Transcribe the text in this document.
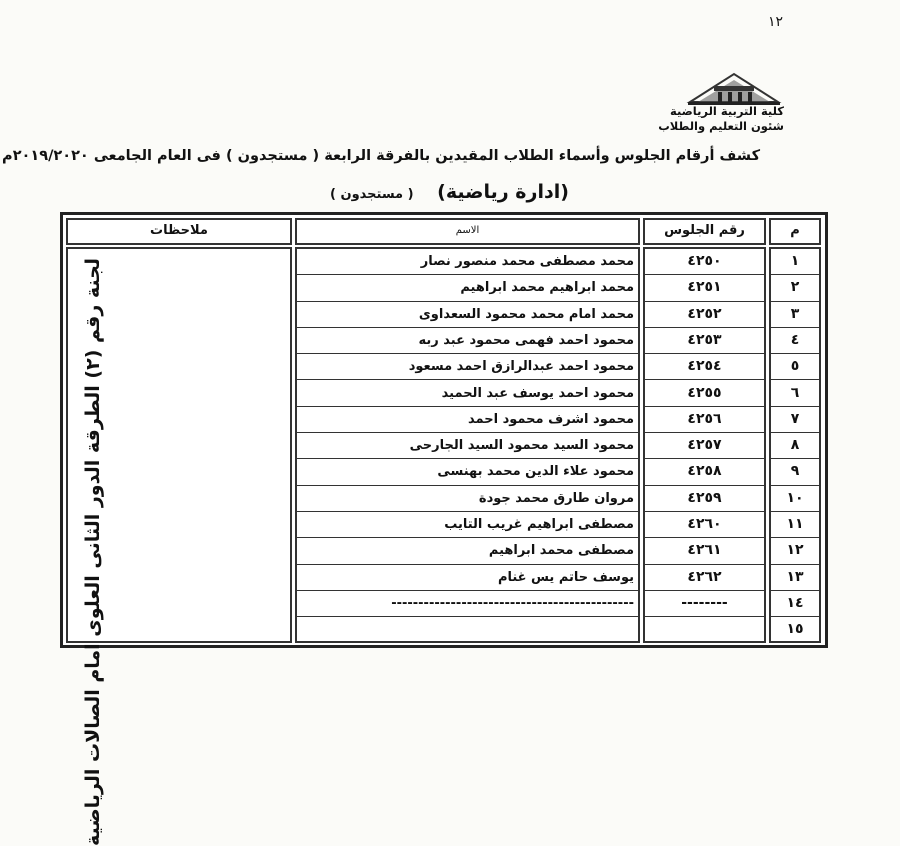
١٢
كلية التربية الرياضية
شئون التعليم والطلاب
كشف أرقام الجلوس وأسماء الطلاب المقيدين بالفرقة الرابعة ( مستجدون ) فى العام الجامعى ٢٠١٩/٢٠٢٠م
(ادارة رياضية) ( مستجدون )
م
رقم الجلوس
الاسم
ملاحظات
١
٤٢٥٠
محمد مصطفى محمد منصور نصار
٢
٤٢٥١
محمد ابراهيم محمد ابراهيم
٣
٤٢٥٢
محمد امام محمد محمود السعداوى
٤
٤٢٥٣
محمود احمد فهمى محمود عبد ربه
٥
٤٢٥٤
محمود احمد عبدالرازق احمد مسعود
٦
٤٢٥٥
محمود احمد يوسف عبد الحميد
٧
٤٢٥٦
محمود اشرف محمود احمد
٨
٤٢٥٧
محمود السيد محمود السيد الجارحى
٩
٤٢٥٨
محمود علاء الدين محمد بهنسى
١٠
٤٢٥٩
مروان طارق محمد جودة
١١
٤٢٦٠
مصطفى ابراهيم غريب التايب
١٢
٤٢٦١
مصطفى محمد ابراهيم
١٣
٤٢٦٢
يوسف حاتم يس غنام
١٤
--------
---------------------------------------------
١٥
لجنة رقم (٢) الطرقة الدور الثانى العلوى امام الصالات الرياضية
